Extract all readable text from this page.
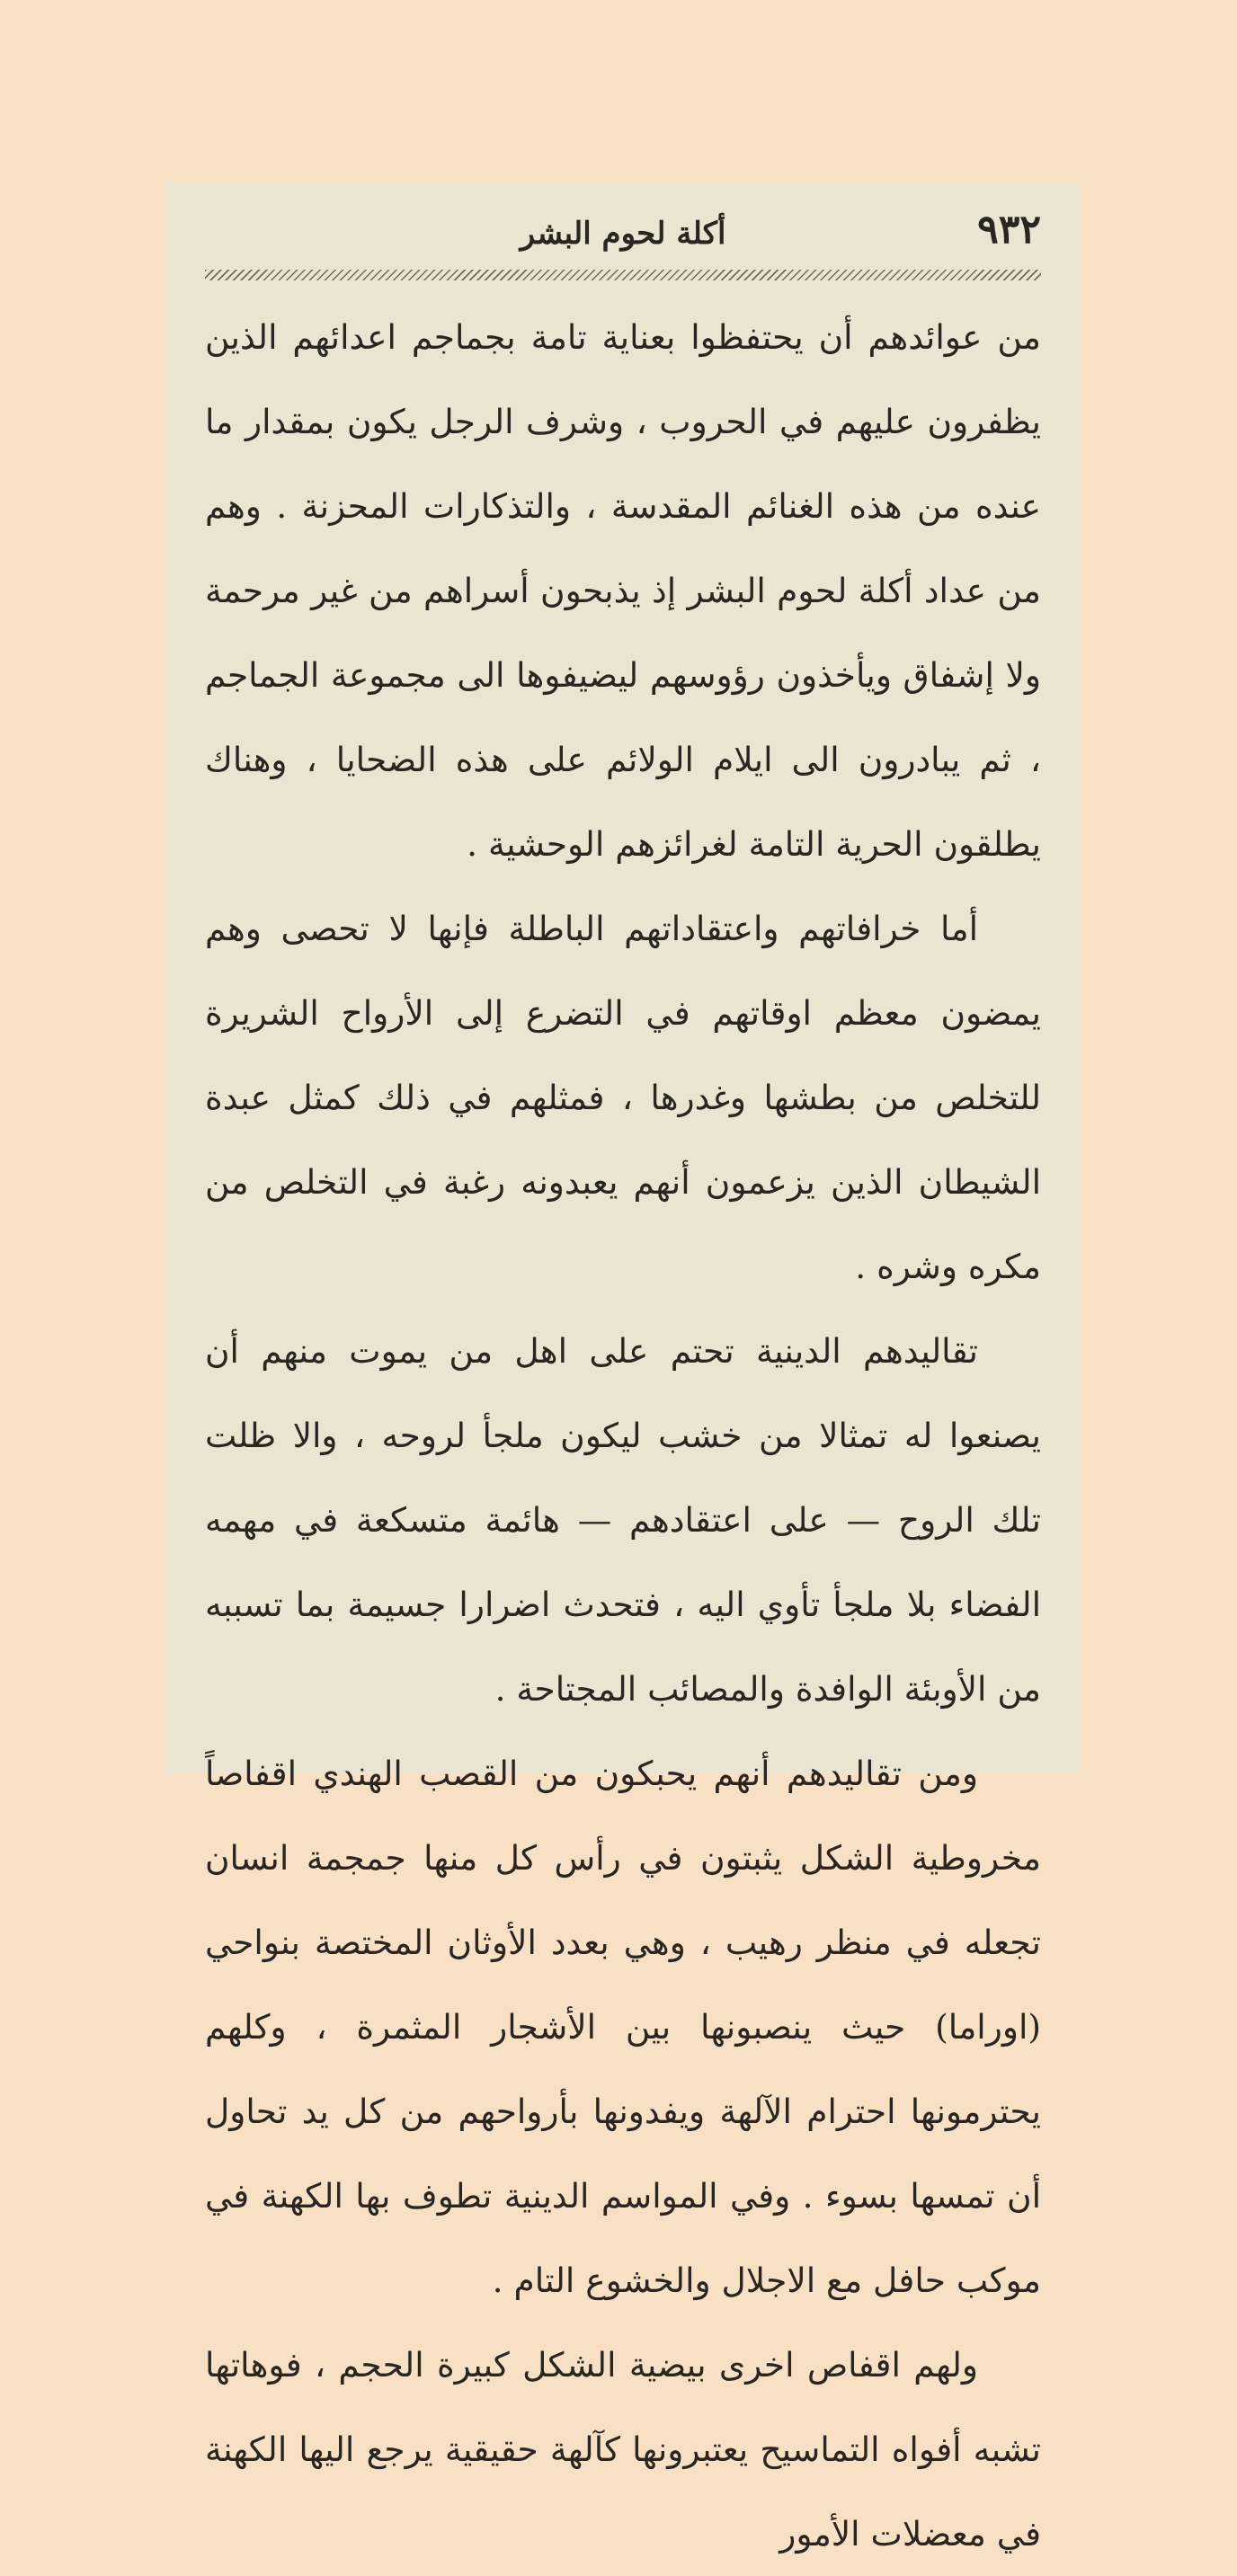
٩٣٢
أكلة لحوم البشر

من عوائدهم أن يحتفظوا بعناية تامة بجماجم اعدائهم الذين يظفرون عليهم في الحروب ، وشرف الرجل يكون بمقدار ما عنده من هذه الغنائم المقدسة ، والتذكارات المحزنة . وهم من عداد أكلة لحوم البشر إذ يذبحون أسراهم من غير مرحمة ولا إشفاق ويأخذون رؤوسهم ليضيفوها الى مجموعة الجماجم ، ثم يبادرون الى ايلام الولائم على هذه الضحايا ، وهناك يطلقون الحرية التامة لغرائزهم الوحشية .

أما خرافاتهم واعتقاداتهم الباطلة فإنها لا تحصى وهم يمضون معظم اوقاتهم في التضرع إلى الأرواح الشريرة للتخلص من بطشها وغدرها ، فمثلهم في ذلك كمثل عبدة الشيطان الذين يزعمون أنهم يعبدونه رغبة في التخلص من مكره وشره .

تقاليدهم الدينية تحتم على اهل من يموت منهم أن يصنعوا له تمثالا من خشب ليكون ملجأ لروحه ، والا ظلت تلك الروح — على اعتقادهم — هائمة متسكعة في مهمه الفضاء بلا ملجأ تأوي اليه ، فتحدث اضرارا جسيمة بما تسببه من الأوبئة الوافدة والمصائب المجتاحة .

ومن تقاليدهم أنهم يحبكون من القصب الهندي اقفاصاً مخروطية الشكل يثبتون في رأس كل منها جمجمة انسان تجعله في منظر رهيب ، وهي بعدد الأوثان المختصة بنواحي (اوراما) حيث ينصبونها بين الأشجار المثمرة ، وكلهم يحترمونها احترام الآلهة ويفدونها بأرواحهم من كل يد تحاول أن تمسها بسوء . وفي المواسم الدينية تطوف بها الكهنة في موكب حافل مع الاجلال والخشوع التام .

ولهم اقفاص اخرى بيضية الشكل كبيرة الحجم ، فوهاتها تشبه أفواه التماسيح يعتبرونها كآلهة حقيقية يرجع اليها الكهنة في معضلات الأمور
